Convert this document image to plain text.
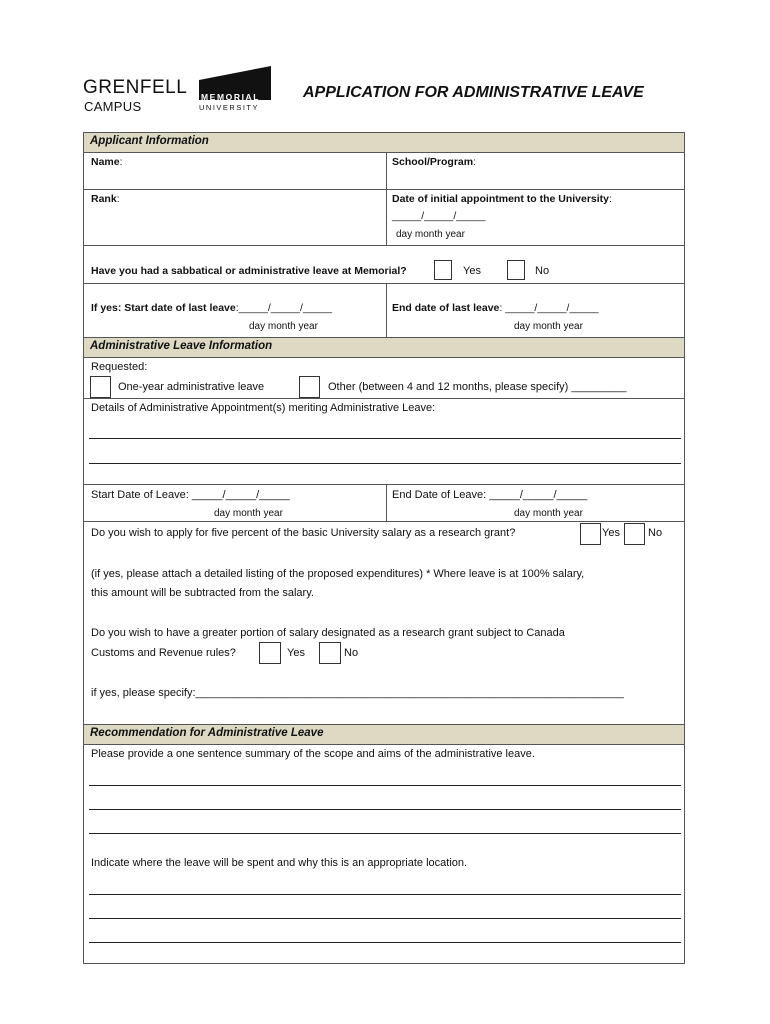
GRENFELL
CAMPUS
MEMORIAL
UNIVERSITY
APPLICATION FOR ADMINISTRATIVE LEAVE
Applicant Information
Name:	School/Program:
Rank:	Date of initial appointment to the University:
_____/_____/_____
day month year
Have you had a sabbatical or administrative leave at Memorial?	Yes	No
If yes: Start date of last leave:_____/_____/_____
day month year
End date of last leave: _____/_____/_____
day month year
Administrative Leave Information
Requested:
One-year administrative leave	Other (between 4 and 12 months, please specify) _________
Details of Administrative Appointment(s) meriting Administrative Leave:
Start Date of Leave: _____/_____/_____
day month year
End Date of Leave: _____/_____/_____
day month year
Do you wish to apply for five percent of the basic University salary as a research grant?	Yes	No
(if yes, please attach a detailed listing of the proposed expenditures) * Where leave is at 100% salary,
this amount will be subtracted from the salary.
Do you wish to have a greater portion of salary designated as a research grant subject to Canada
Customs and Revenue rules?	Yes	No
if yes, please specify:______________________________________________________________________
Recommendation for Administrative Leave
Please provide a one sentence summary of the scope and aims of the administrative leave.
Indicate where the leave will be spent and why this is an appropriate location.
